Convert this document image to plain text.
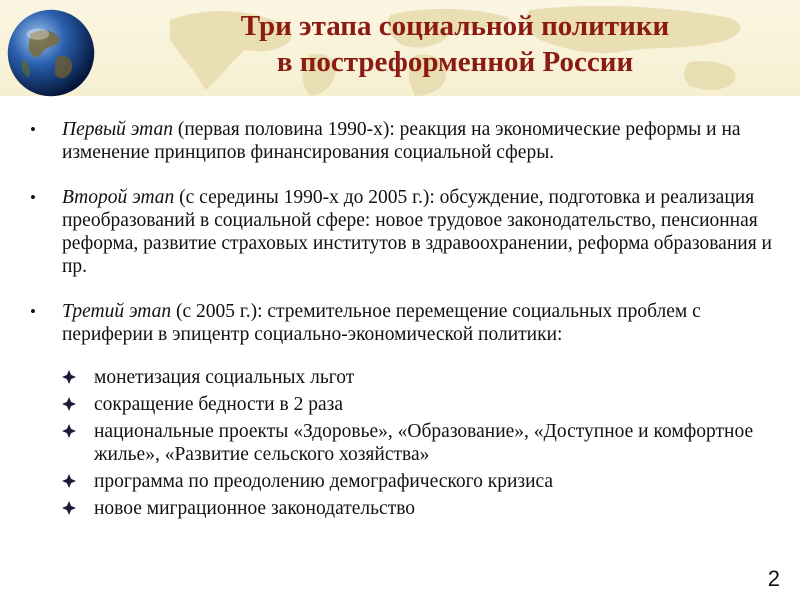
Три этапа социальной политики
в постреформенной России
•	Первый этап (первая половина 1990-х): реакция на экономические реформы и на изменение принципов финансирования социальной сферы.
•	Второй этап (с середины 1990-х до 2005 г.): обсуждение, подготовка и реализация преобразований в социальной сфере: новое трудовое законодательство, пенсионная реформа, развитие страховых институтов в здравоохранении, реформа образования и пр.
•	Третий этап (с 2005 г.): стремительное перемещение социальных проблем с периферии в эпицентр социально-экономической политики:
монетизация социальных льгот
сокращение бедности в 2 раза
национальные проекты «Здоровье», «Образование», «Доступное и комфортное жилье», «Развитие сельского хозяйства»
программа по преодолению демографического кризиса
новое миграционное законодательство
2
